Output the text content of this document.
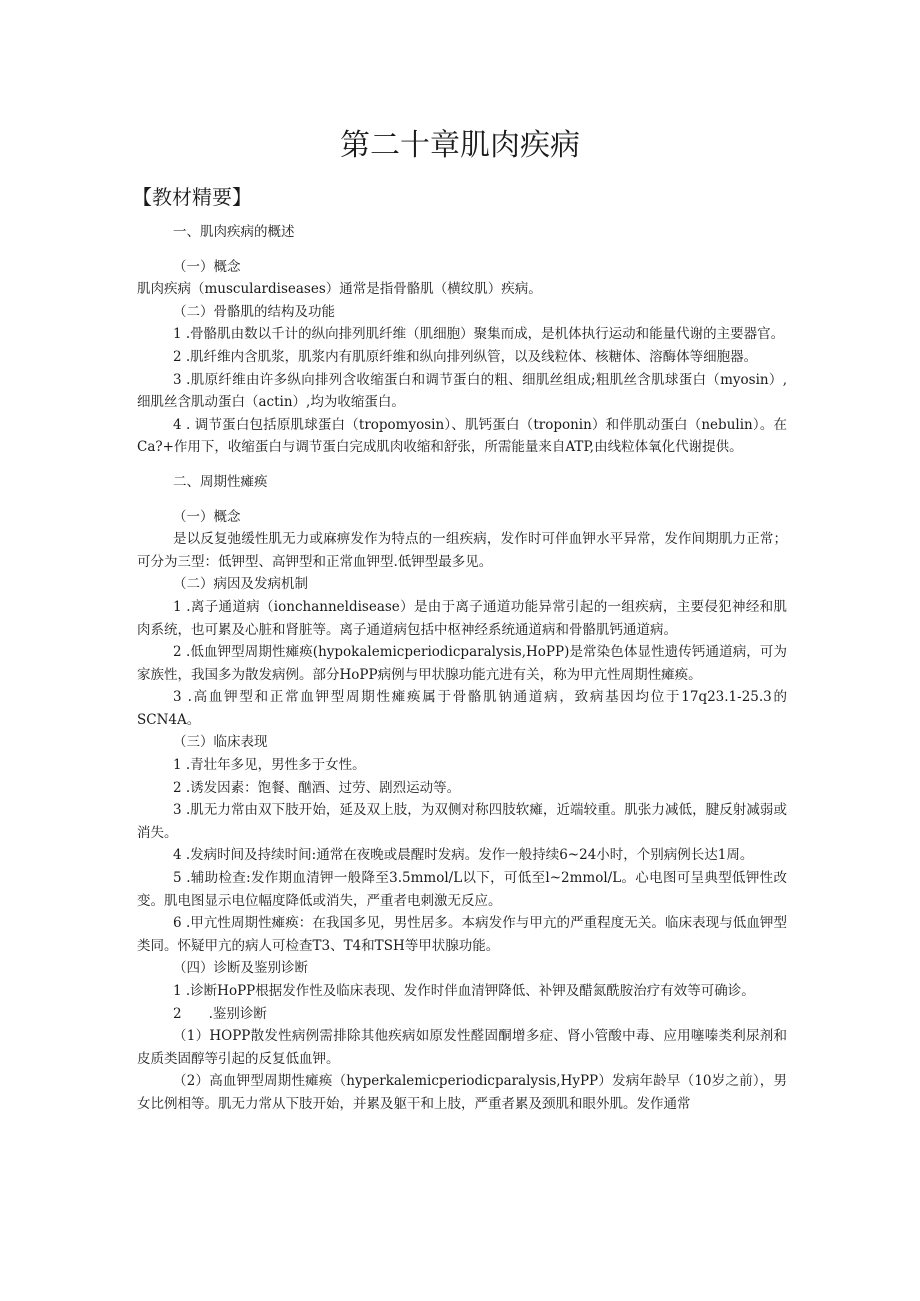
第二十章肌肉疾病
【教材精要】

一、肌肉疾病的概述

（一）概念

肌肉疾病（musculardiseases）通常是指骨骼肌（横纹肌）疾病。

（二）骨骼肌的结构及功能

1 .骨骼肌由数以千计的纵向排列肌纤维（肌细胞）聚集而成，是机体执行运动和能量代谢的主要器官。

2 .肌纤维内含肌浆，肌浆内有肌原纤维和纵向排列纵管，以及线粒体、核糖体、溶酶体等细胞器。

3 .肌原纤维由许多纵向排列含收缩蛋白和调节蛋白的粗、细肌丝组成;粗肌丝含肌球蛋白（myosin）,细肌丝含肌动蛋白（actin）,均为收缩蛋白。

4 . 调节蛋白包括原肌球蛋白（tropomyosin）、肌钙蛋白（troponin）和伴肌动蛋白（nebulin）。在Ca?+作用下，收缩蛋白与调节蛋白完成肌肉收缩和舒张，所需能量来自ATP,由线粒体氧化代谢提供。

二、周期性瘫痪

（一）概念

是以反复弛缓性肌无力或麻痹发作为特点的一组疾病，发作时可伴血钾水平异常，发作间期肌力正常；可分为三型：低钾型、高钾型和正常血钾型.低钾型最多见。

（二）病因及发病机制

1 .离子通道病（ionchanneldisease）是由于离子通道功能异常引起的一组疾病，主要侵犯神经和肌肉系统，也可累及心脏和肾脏等。离子通道病包括中枢神经系统通道病和骨骼肌钙通道病。

2 .低血钾型周期性瘫痪(hypokalemicperiodicparalysis,HoPP)是常染色体显性遗传钙通道病，可为家族性，我国多为散发病例。部分HoPP病例与甲状腺功能亢进有关，称为甲亢性周期性瘫痪。

3 .高血钾型和正常血钾型周期性瘫痪属于骨骼肌钠通道病，致病基因均位于17q23.1-25.3的SCN4A。

（三）临床表现

1 .青壮年多见，男性多于女性。

2 .诱发因素：饱餐、酗酒、过劳、剧烈运动等。

3 .肌无力常由双下肢开始，延及双上肢，为双侧对称四肢软瘫，近端较重。肌张力减低，腱反射减弱或消失。

4 .发病时间及持续时间:通常在夜晚或晨醒时发病。发作一般持续6~24小时，个别病例长达1周。

5 .辅助检查:发作期血清钾一般降至3.5mmol/L以下，可低至l~2mmol/L。心电图可呈典型低钾性改变。肌电图显示电位幅度降低或消失，严重者电刺激无反应。

6 .甲亢性周期性瘫痪：在我国多见，男性居多。本病发作与甲亢的严重程度无关。临床表现与低血钾型类同。怀疑甲亢的病人可检查T3、T4和TSH等甲状腺功能。

（四）诊断及鉴别诊断

1 .诊断HoPP根据发作性及临床表现、发作时伴血清钾降低、补钾及醋氮酰胺治疗有效等可确诊。

2　　.鉴别诊断

（1）HOPP散发性病例需排除其他疾病如原发性醛固酮增多症、肾小管酸中毒、应用噻嗪类利尿剂和皮质类固醇等引起的反复低血钾。

（2）高血钾型周期性瘫痪（hyperkalemicperiodicparalysis,HyPP）发病年龄早（10岁之前），男女比例相等。肌无力常从下肢开始，并累及躯干和上肢，严重者累及颈肌和眼外肌。发作通常
